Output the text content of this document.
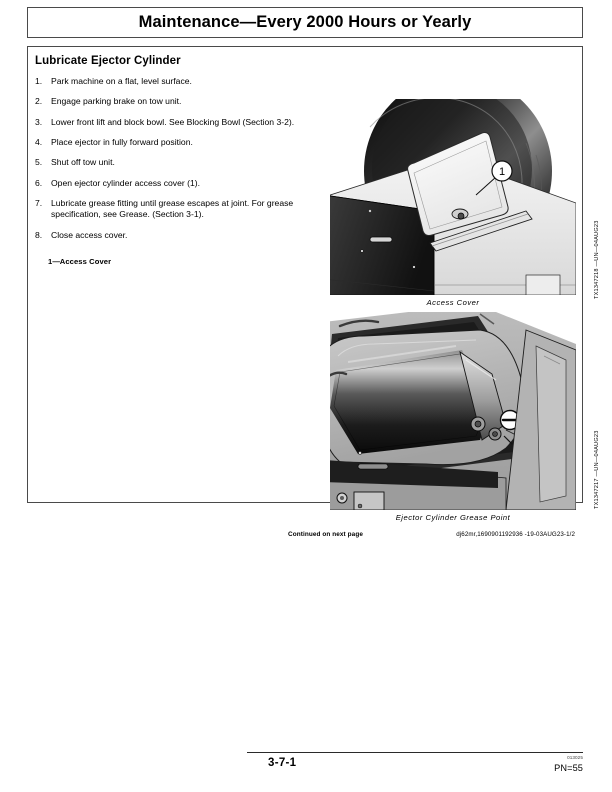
Maintenance—Every 2000 Hours or Yearly
Lubricate Ejector Cylinder
1.	Park machine on a flat, level surface.
2.	Engage parking brake on tow unit.
3.	Lower front lift and block bowl. See Blocking Bowl (Section 3-2).
4.	Place ejector in fully forward position.
5.	Shut off tow unit.
6.	Open ejector cylinder access cover (1).
7.	Lubricate grease fitting until grease escapes at joint. For grease specification, see Grease. (Section 3-1).
8.	Close access cover.
1—Access Cover
1
Access Cover
TX1347218 —UN—04AUG23
Ejector Cylinder Grease Point
TX1347217 —UN—04AUG23
Continued on next page	dj62mr,1690901192936 -19-03AUG23-1/2
3-7-1	013025
PN=55
